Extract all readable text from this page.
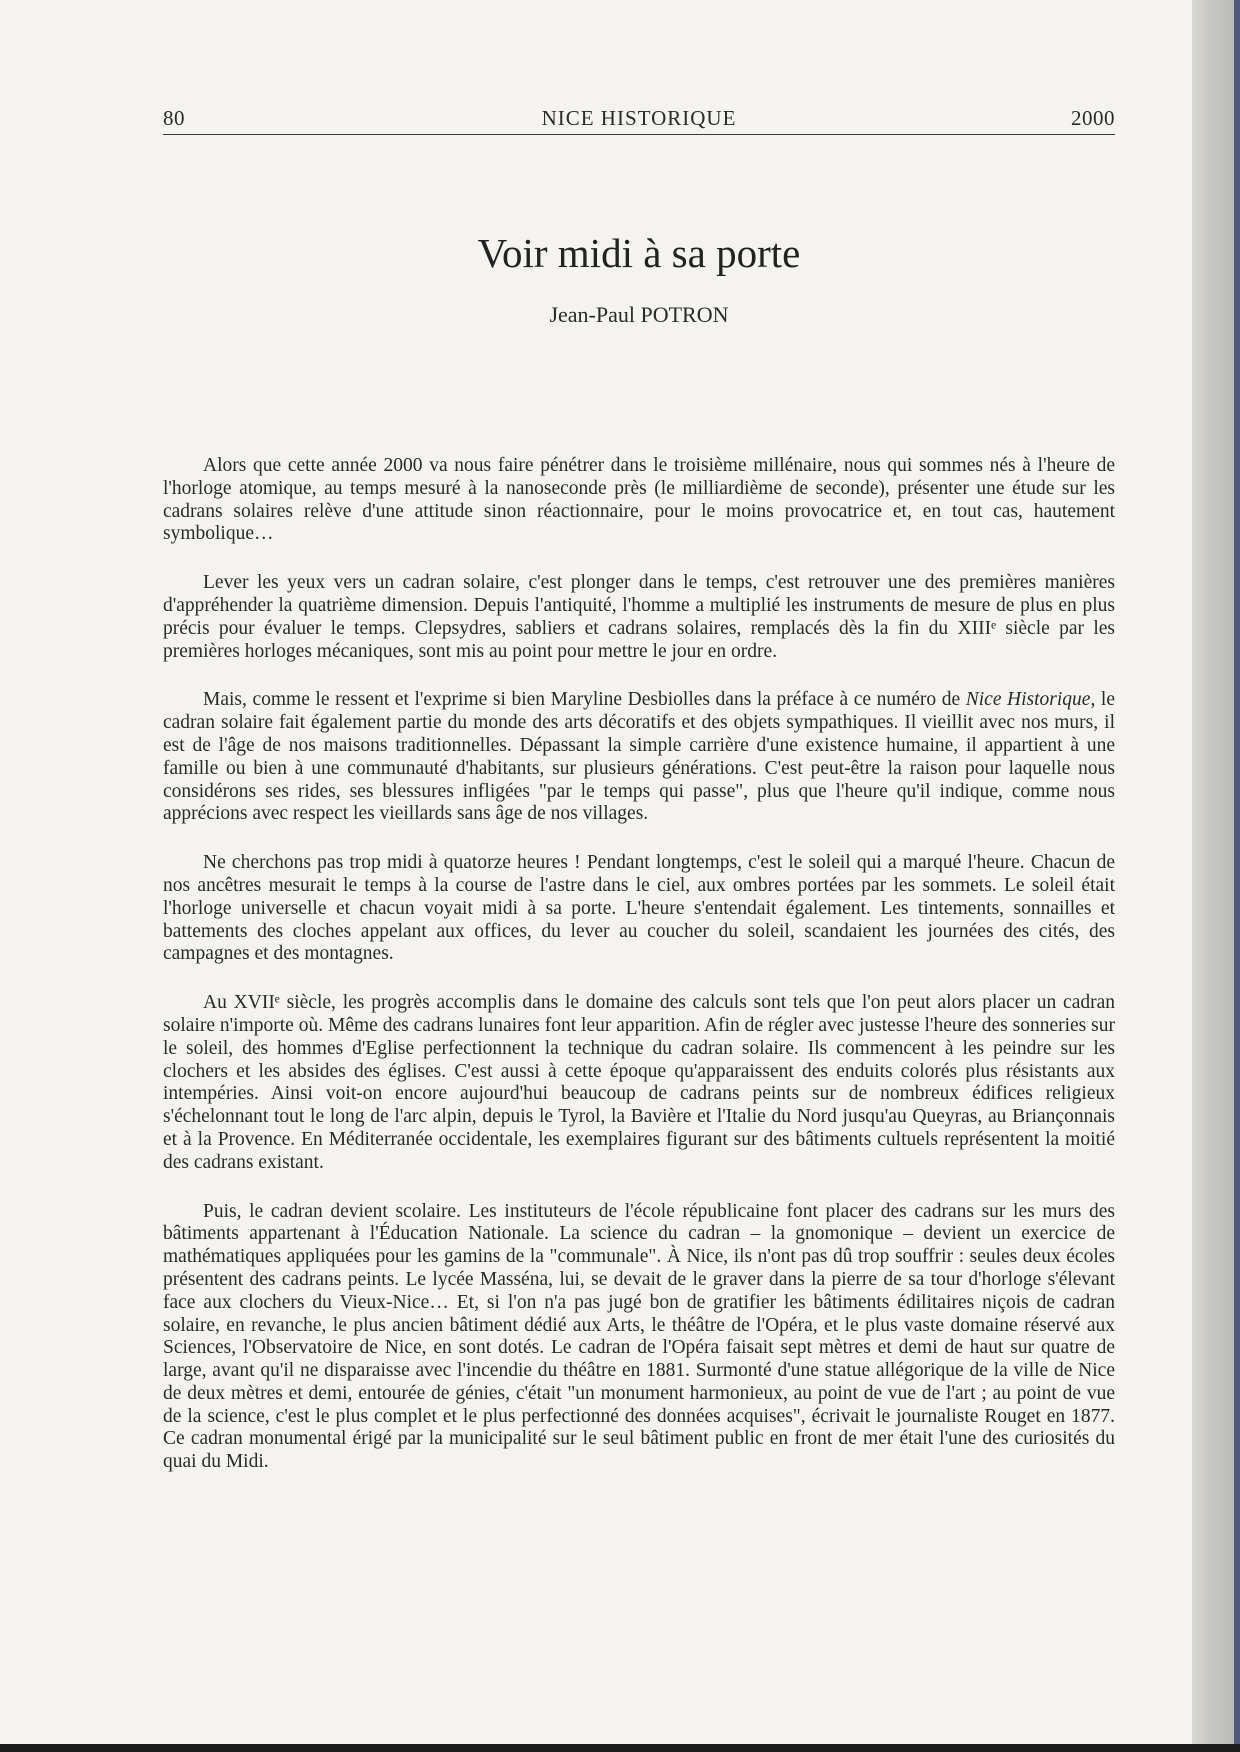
80	NICE HISTORIQUE	2000
Voir midi à sa porte
Jean-Paul POTRON

Alors que cette année 2000 va nous faire pénétrer dans le troisième millénaire, nous qui sommes nés à l'heure de l'horloge atomique, au temps mesuré à la nanoseconde près (le milliardième de seconde), présenter une étude sur les cadrans solaires relève d'une attitude sinon réactionnaire, pour le moins provocatrice et, en tout cas, hautement symbolique…

Lever les yeux vers un cadran solaire, c'est plonger dans le temps, c'est retrouver une des premières manières d'appréhender la quatrième dimension. Depuis l'antiquité, l'homme a multiplié les instruments de mesure de plus en plus précis pour évaluer le temps. Clepsydres, sabliers et cadrans solaires, remplacés dès la fin du XIIIᵉ siècle par les premières horloges mécaniques, sont mis au point pour mettre le jour en ordre.

Mais, comme le ressent et l'exprime si bien Maryline Desbiolles dans la préface à ce numéro de Nice Historique, le cadran solaire fait également partie du monde des arts décoratifs et des objets sympathiques. Il vieillit avec nos murs, il est de l'âge de nos maisons traditionnelles. Dépassant la simple carrière d'une existence humaine, il appartient à une famille ou bien à une communauté d'habitants, sur plusieurs générations. C'est peut-être la raison pour laquelle nous considérons ses rides, ses blessures infligées "par le temps qui passe", plus que l'heure qu'il indique, comme nous apprécions avec respect les vieillards sans âge de nos villages.

Ne cherchons pas trop midi à quatorze heures ! Pendant longtemps, c'est le soleil qui a marqué l'heure. Chacun de nos ancêtres mesurait le temps à la course de l'astre dans le ciel, aux ombres portées par les sommets. Le soleil était l'horloge universelle et chacun voyait midi à sa porte. L'heure s'entendait également. Les tintements, sonnailles et battements des cloches appelant aux offices, du lever au coucher du soleil, scandaient les journées des cités, des campagnes et des montagnes.

Au XVIIᵉ siècle, les progrès accomplis dans le domaine des calculs sont tels que l'on peut alors placer un cadran solaire n'importe où. Même des cadrans lunaires font leur apparition. Afin de régler avec justesse l'heure des sonneries sur le soleil, des hommes d'Eglise perfectionnent la technique du cadran solaire. Ils commencent à les peindre sur les clochers et les absides des églises. C'est aussi à cette époque qu'apparaissent des enduits colorés plus résistants aux intempéries. Ainsi voit-on encore aujourd'hui beaucoup de cadrans peints sur de nombreux édifices religieux s'échelonnant tout le long de l'arc alpin, depuis le Tyrol, la Bavière et l'Italie du Nord jusqu'au Queyras, au Briançonnais et à la Provence. En Méditerranée occidentale, les exemplaires figurant sur des bâtiments cultuels représentent la moitié des cadrans existant.

Puis, le cadran devient scolaire. Les instituteurs de l'école républicaine font placer des cadrans sur les murs des bâtiments appartenant à l'Éducation Nationale. La science du cadran – la gnomonique – devient un exercice de mathématiques appliquées pour les gamins de la "communale". À Nice, ils n'ont pas dû trop souffrir : seules deux écoles présentent des cadrans peints. Le lycée Masséna, lui, se devait de le graver dans la pierre de sa tour d'horloge s'élevant face aux clochers du Vieux-Nice… Et, si l'on n'a pas jugé bon de gratifier les bâtiments édilitaires niçois de cadran solaire, en revanche, le plus ancien bâtiment dédié aux Arts, le théâtre de l'Opéra, et le plus vaste domaine réservé aux Sciences, l'Observatoire de Nice, en sont dotés. Le cadran de l'Opéra faisait sept mètres et demi de haut sur quatre de large, avant qu'il ne disparaisse avec l'incendie du théâtre en 1881. Surmonté d'une statue allégorique de la ville de Nice de deux mètres et demi, entourée de génies, c'était "un monument harmonieux, au point de vue de l'art ; au point de vue de la science, c'est le plus complet et le plus perfectionné des données acquises", écrivait le journaliste Rouget en 1877. Ce cadran monumental érigé par la municipalité sur le seul bâtiment public en front de mer était l'une des curiosités du quai du Midi.
